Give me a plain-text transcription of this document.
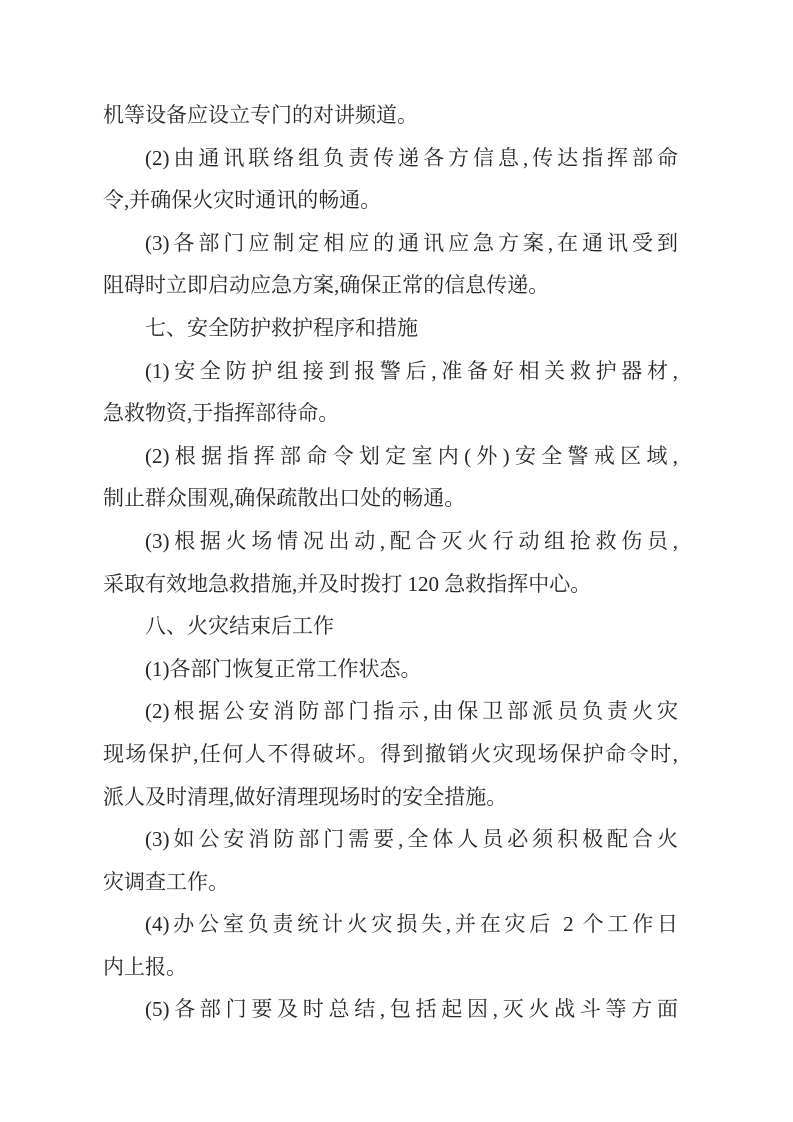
机等设备应设立专门的对讲频道。
(2)由通讯联络组负责传递各方信息,传达指挥部命
令,并确保火灾时通讯的畅通。
(3)各部门应制定相应的通讯应急方案,在通讯受到
阻碍时立即启动应急方案,确保正常的信息传递。
七、安全防护救护程序和措施
(1)安全防护组接到报警后,准备好相关救护器材,
急救物资,于指挥部待命。
(2)根据指挥部命令划定室内(外)安全警戒区域,
制止群众围观,确保疏散出口处的畅通。
(3)根据火场情况出动,配合灭火行动组抢救伤员,
采取有效地急救措施,并及时拨打 120 急救指挥中心。
八、火灾结束后工作
(1)各部门恢复正常工作状态。
(2)根据公安消防部门指示,由保卫部派员负责火灾
现场保护,任何人不得破坏。得到撤销火灾现场保护命令时,
派人及时清理,做好清理现场时的安全措施。
(3)如公安消防部门需要,全体人员必须积极配合火
灾调查工作。
(4)办公室负责统计火灾损失,并在灾后 2 个工作日
内上报。
(5)各部门要及时总结,包括起因,灭火战斗等方面
